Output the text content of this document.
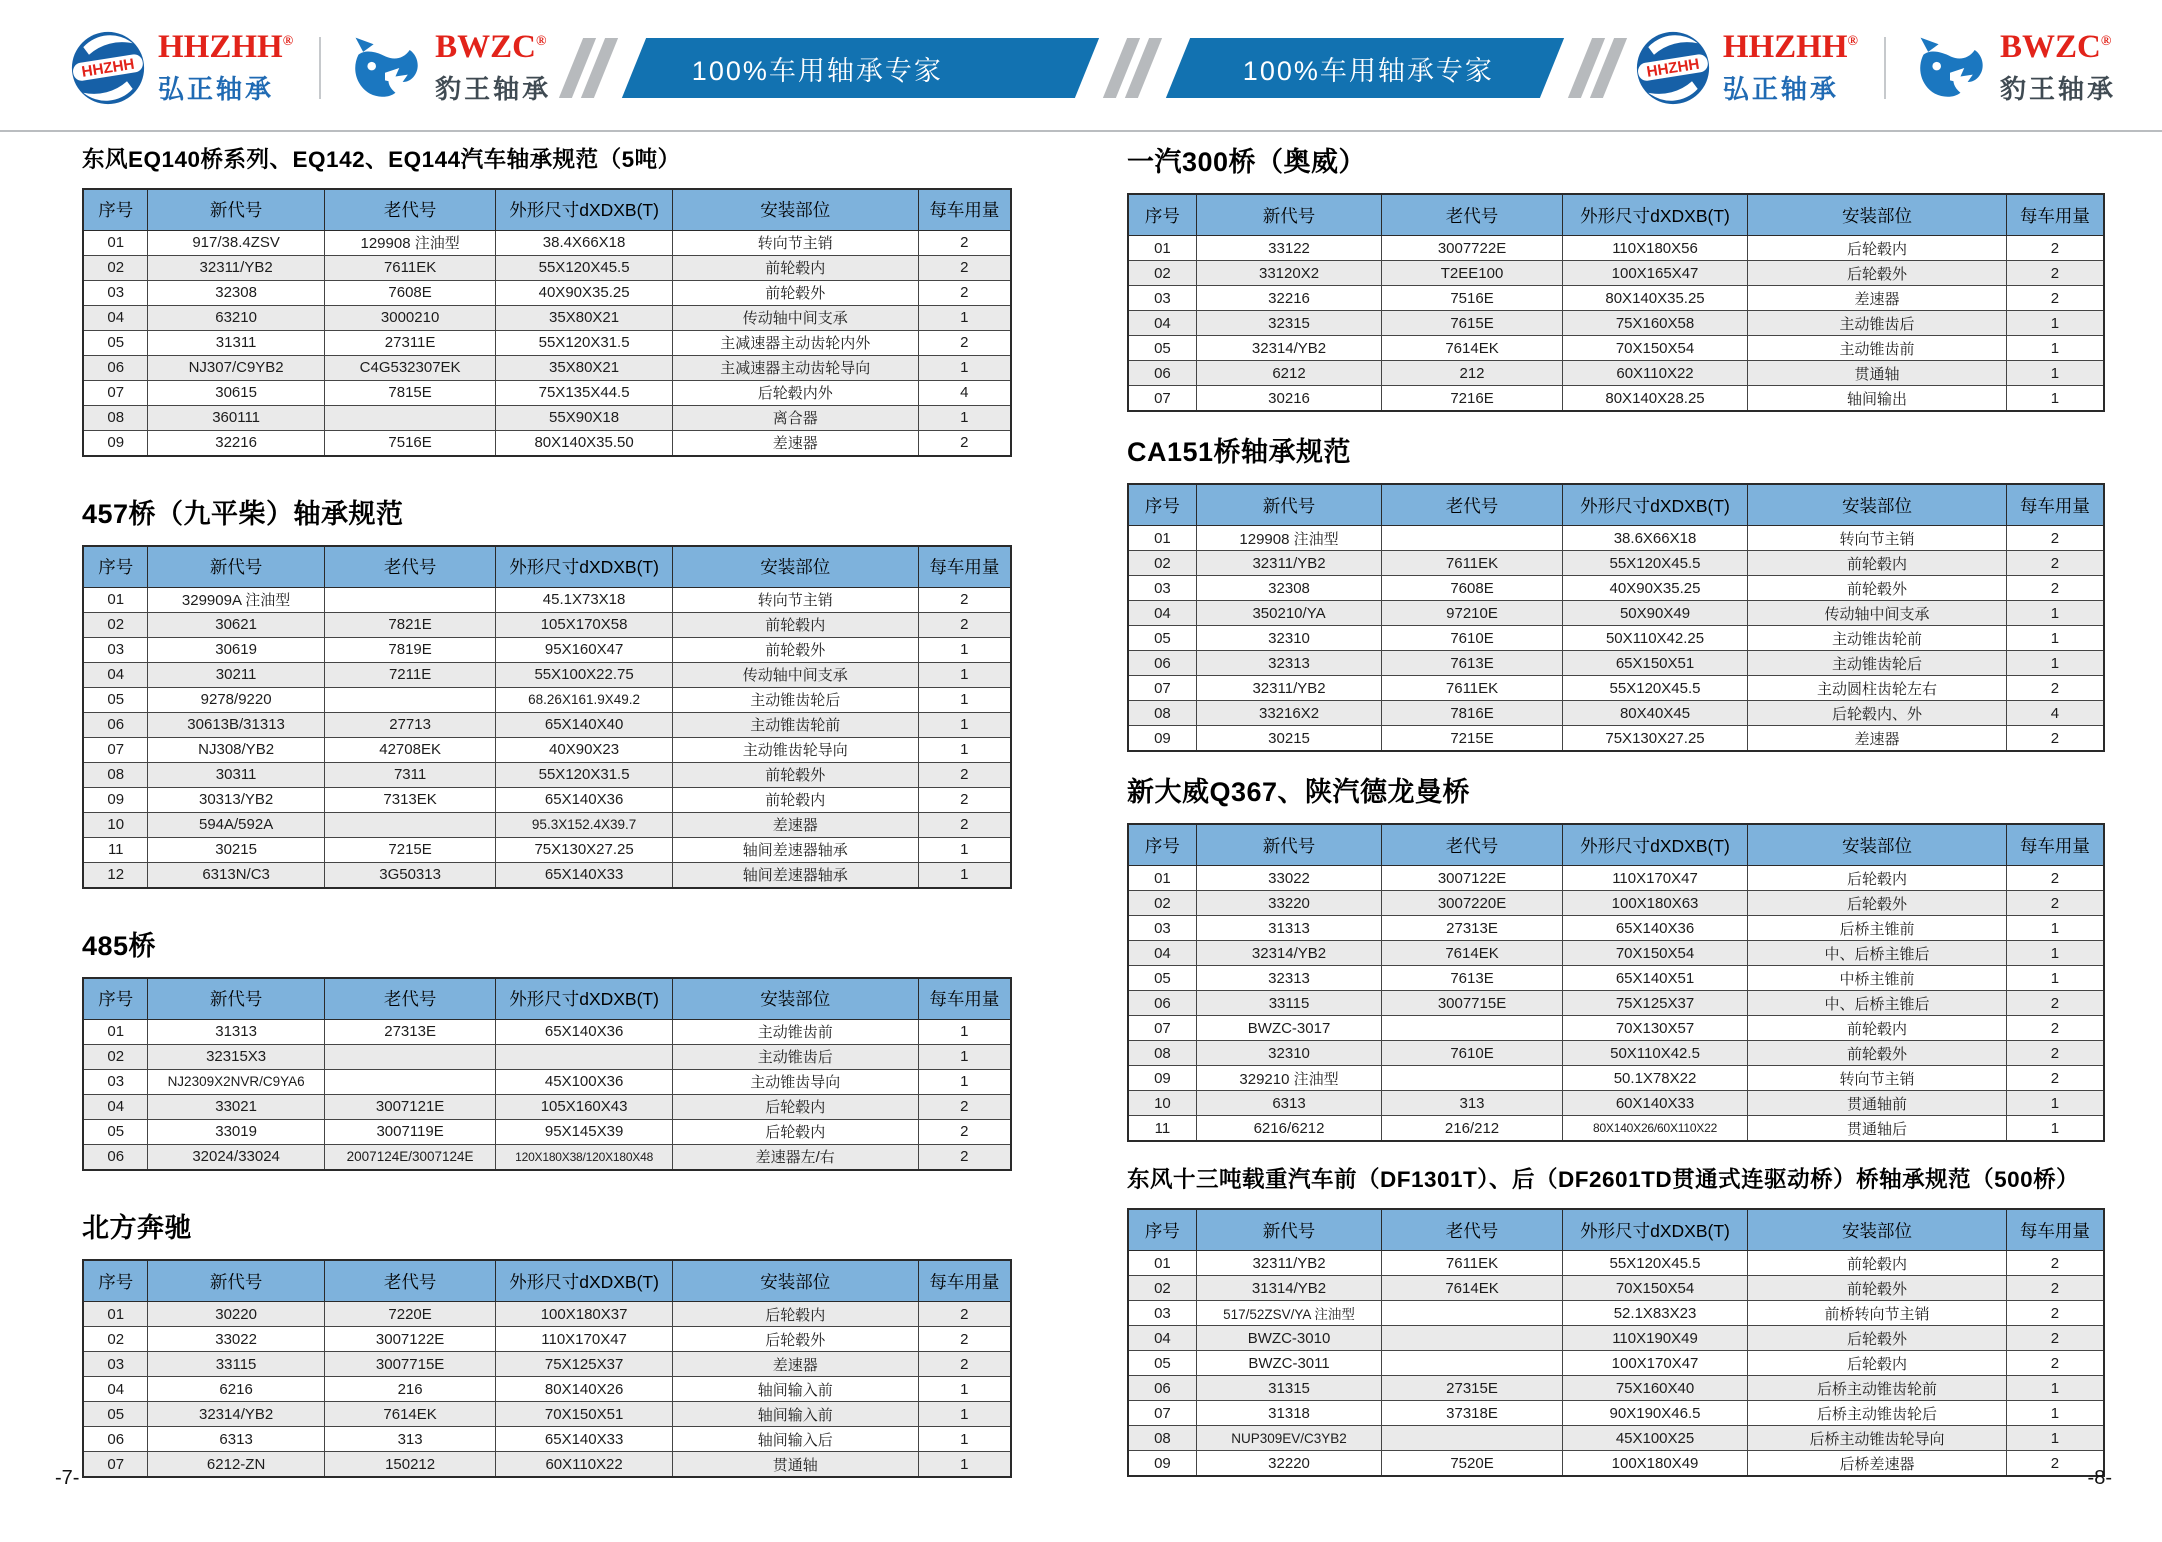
HHZHH
HHZHH®
弘正轴承
BWZC®
豹王轴承
100%车用轴承专家	100%车用轴承专家	HHZHH
HHZHH®
弘正轴承
BWZC®
豹王轴承
东风EQ140桥系列、EQ142、EQ144汽车轴承规范（5吨）
序号	新代号	老代号	外形尺寸dXDXB(T)	安装部位	每车用量
01	917/38.4ZSV	129908 注油型	38.4X66X18	转向节主销	2
02	32311/YB2	7611EK	55X120X45.5	前轮毂内	2
03	32308	7608E	40X90X35.25	前轮毂外	2
04	63210	3000210	35X80X21	传动轴中间支承	1
05	31311	27311E	55X120X31.5	主减速器主动齿轮内外	2
06	NJ307/C9YB2	C4G532307EK	35X80X21	主减速器主动齿轮导向	1
07	30615	7815E	75X135X44.5	后轮毂内外	4
08	360111		55X90X18	离合器	1
09	32216	7516E	80X140X35.50	差速器	2
457桥（九平柴）轴承规范
序号	新代号	老代号	外形尺寸dXDXB(T)	安装部位	每车用量
01	329909A 注油型		45.1X73X18	转向节主销	2
02	30621	7821E	105X170X58	前轮毂内	2
03	30619	7819E	95X160X47	前轮毂外	1
04	30211	7211E	55X100X22.75	传动轴中间支承	1
05	9278/9220		68.26X161.9X49.2	主动锥齿轮后	1
06	30613B/31313	27713	65X140X40	主动锥齿轮前	1
07	NJ308/YB2	42708EK	40X90X23	主动锥齿轮导向	1
08	30311	7311	55X120X31.5	前轮毂外	2
09	30313/YB2	7313EK	65X140X36	前轮毂内	2
10	594A/592A		95.3X152.4X39.7	差速器	2
11	30215	7215E	75X130X27.25	轴间差速器轴承	1
12	6313N/C3	3G50313	65X140X33	轴间差速器轴承	1
485桥
序号	新代号	老代号	外形尺寸dXDXB(T)	安装部位	每车用量
01	31313	27313E	65X140X36	主动锥齿前	1
02	32315X3			主动锥齿后	1
03	NJ2309X2NVR/C9YA6		45X100X36	主动锥齿导向	1
04	33021	3007121E	105X160X43	后轮毂内	2
05	33019	3007119E	95X145X39	后轮毂内	2
06	32024/33024	2007124E/3007124E	120X180X38/120X180X48	差速器左/右	2
北方奔驰
序号	新代号	老代号	外形尺寸dXDXB(T)	安装部位	每车用量
01	30220	7220E	100X180X37	后轮毂内	2
02	33022	3007122E	110X170X47	后轮毂外	2
03	33115	3007715E	75X125X37	差速器	2
04	6216	216	80X140X26	轴间输入前	1
05	32314/YB2	7614EK	70X150X51	轴间输入前	1
06	6313	313	65X140X33	轴间输入后	1
07	6212-ZN	150212	60X110X22	贯通轴	1
一汽300桥（奥威）
序号	新代号	老代号	外形尺寸dXDXB(T)	安装部位	每车用量
01	33122	3007722E	110X180X56	后轮毂内	2
02	33120X2	T2EE100	100X165X47	后轮毂外	2
03	32216	7516E	80X140X35.25	差速器	2
04	32315	7615E	75X160X58	主动锥齿后	1
05	32314/YB2	7614EK	70X150X54	主动锥齿前	1
06	6212	212	60X110X22	贯通轴	1
07	30216	7216E	80X140X28.25	轴间输出	1
CA151桥轴承规范
序号	新代号	老代号	外形尺寸dXDXB(T)	安装部位	每车用量
01	129908 注油型		38.6X66X18	转向节主销	2
02	32311/YB2	7611EK	55X120X45.5	前轮毂内	2
03	32308	7608E	40X90X35.25	前轮毂外	2
04	350210/YA	97210E	50X90X49	传动轴中间支承	1
05	32310	7610E	50X110X42.25	主动锥齿轮前	1
06	32313	7613E	65X150X51	主动锥齿轮后	1
07	32311/YB2	7611EK	55X120X45.5	主动圆柱齿轮左右	2
08	33216X2	7816E	80X40X45	后轮毂内、外	4
09	30215	7215E	75X130X27.25	差速器	2
新大威Q367、陕汽德龙曼桥
序号	新代号	老代号	外形尺寸dXDXB(T)	安装部位	每车用量
01	33022	3007122E	110X170X47	后轮毂内	2
02	33220	3007220E	100X180X63	后轮毂外	2
03	31313	27313E	65X140X36	后桥主锥前	1
04	32314/YB2	7614EK	70X150X54	中、后桥主锥后	1
05	32313	7613E	65X140X51	中桥主锥前	1
06	33115	3007715E	75X125X37	中、后桥主锥后	2
07	BWZC-3017		70X130X57	前轮毂内	2
08	32310	7610E	50X110X42.5	前轮毂外	2
09	329210 注油型		50.1X78X22	转向节主销	2
10	6313	313	60X140X33	贯通轴前	1
11	6216/6212	216/212	80X140X26/60X110X22	贯通轴后	1
东风十三吨载重汽车前（DF1301T）、后（DF2601TD贯通式连驱动桥）桥轴承规范（500桥）
序号	新代号	老代号	外形尺寸dXDXB(T)	安装部位	每车用量
01	32311/YB2	7611EK	55X120X45.5	前轮毂内	2
02	31314/YB2	7614EK	70X150X54	前轮毂外	2
03	517/52ZSV/YA 注油型		52.1X83X23	前桥转向节主销	2
04	BWZC-3010		110X190X49	后轮毂外	2
05	BWZC-3011		100X170X47	后轮毂内	2
06	31315	27315E	75X160X40	后桥主动锥齿轮前	1
07	31318	37318E	90X190X46.5	后桥主动锥齿轮后	1
08	NUP309EV/C3YB2		45X100X25	后桥主动锥齿轮导向	1
09	32220	7520E	100X180X49	后桥差速器	2
-7-	-8-
